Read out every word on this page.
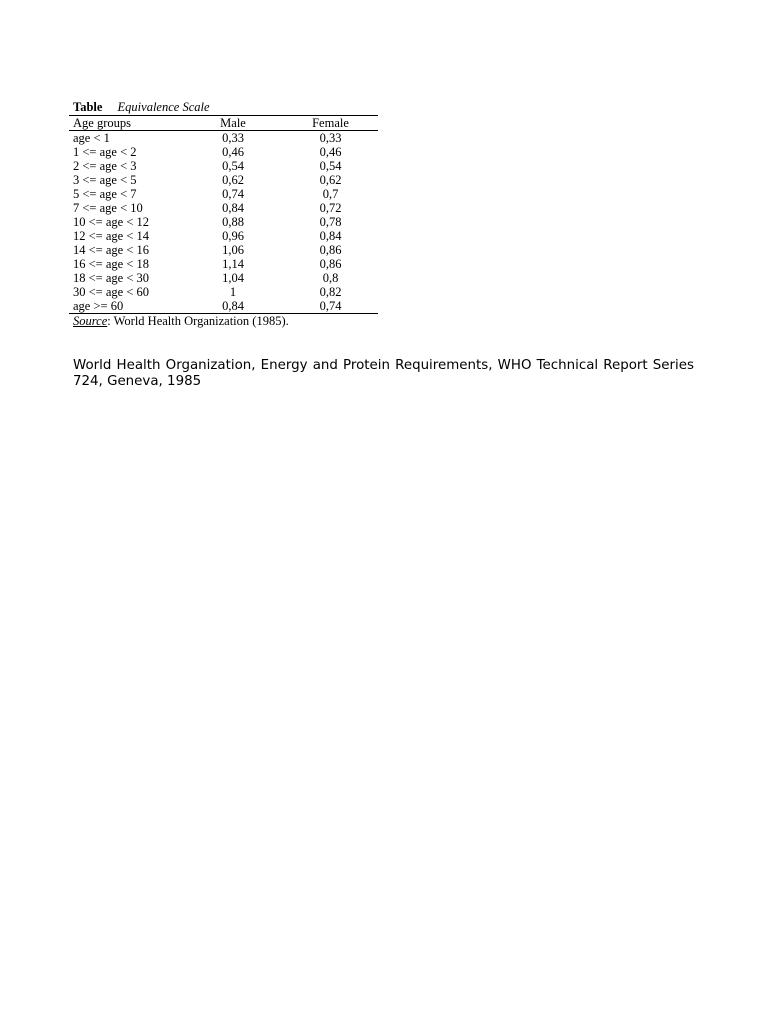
Table Equivalence Scale
Age groups	Male	Female
age < 1	0,33	0,33
1 <= age < 2	0,46	0,46
2 <= age < 3	0,54	0,54
3 <= age < 5	0,62	0,62
5 <= age < 7	0,74	0,7
7 <= age < 10	0,84	0,72
10 <= age < 12	0,88	0,78
12 <= age < 14	0,96	0,84
14 <= age < 16	1,06	0,86
16 <= age < 18	1,14	0,86
18 <= age < 30	1,04	0,8
30 <= age < 60	1	0,82
age >= 60	0,84	0,74
Source: World Health Organization (1985).

World Health Organization, Energy and Protein Requirements, WHO Technical Report Series 724, Geneva, 1985
